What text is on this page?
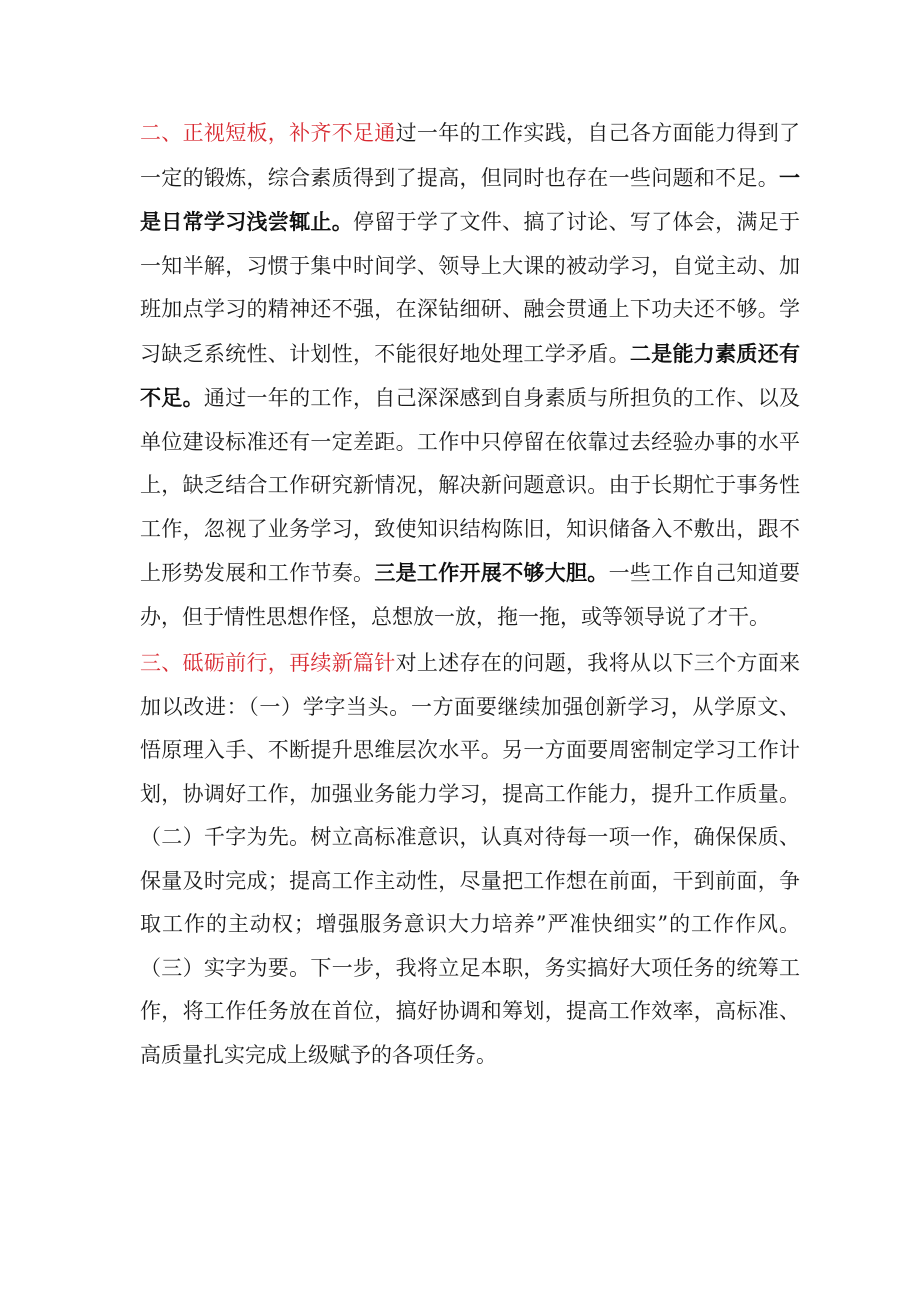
二、正视短板，补齐不足通过一年的工作实践，自己各方面能力得到了一定的锻炼，综合素质得到了提高，但同时也存在一些问题和不足。一是日常学习浅尝辄止。停留于学了文件、搞了讨论、写了体会，满足于一知半解，习惯于集中时间学、领导上大课的被动学习，自觉主动、加班加点学习的精神还不强，在深钻细研、融会贯通上下功夫还不够。学习缺乏系统性、计划性，不能很好地处理工学矛盾。二是能力素质还有不足。通过一年的工作，自己深深感到自身素质与所担负的工作、以及单位建设标准还有一定差距。工作中只停留在依靠过去经验办事的水平上，缺乏结合工作研究新情况，解决新问题意识。由于长期忙于事务性工作，忽视了业务学习，致使知识结构陈旧，知识储备入不敷出，跟不上形势发展和工作节奏。三是工作开展不够大胆。一些工作自己知道要办，但于情性思想作怪，总想放一放，拖一拖，或等领导说了才干。

三、砥砺前行，再续新篇针对上述存在的问题，我将从以下三个方面来加以改进：（一）学字当头。一方面要继续加强创新学习，从学原文、悟原理入手、不断提升思维层次水平。另一方面要周密制定学习工作计划，协调好工作，加强业务能力学习，提高工作能力，提升工作质量。（二）千字为先。树立高标准意识，认真对待每一项一作，确保保质、保量及时完成；提高工作主动性，尽量把工作想在前面，干到前面，争取工作的主动权；增强服务意识大力培养”严准快细实”的工作作风。（三）实字为要。下一步，我将立足本职，务实搞好大项任务的统筹工作，将工作任务放在首位，搞好协调和筹划，提高工作效率，高标准、高质量扎实完成上级赋予的各项任务。
